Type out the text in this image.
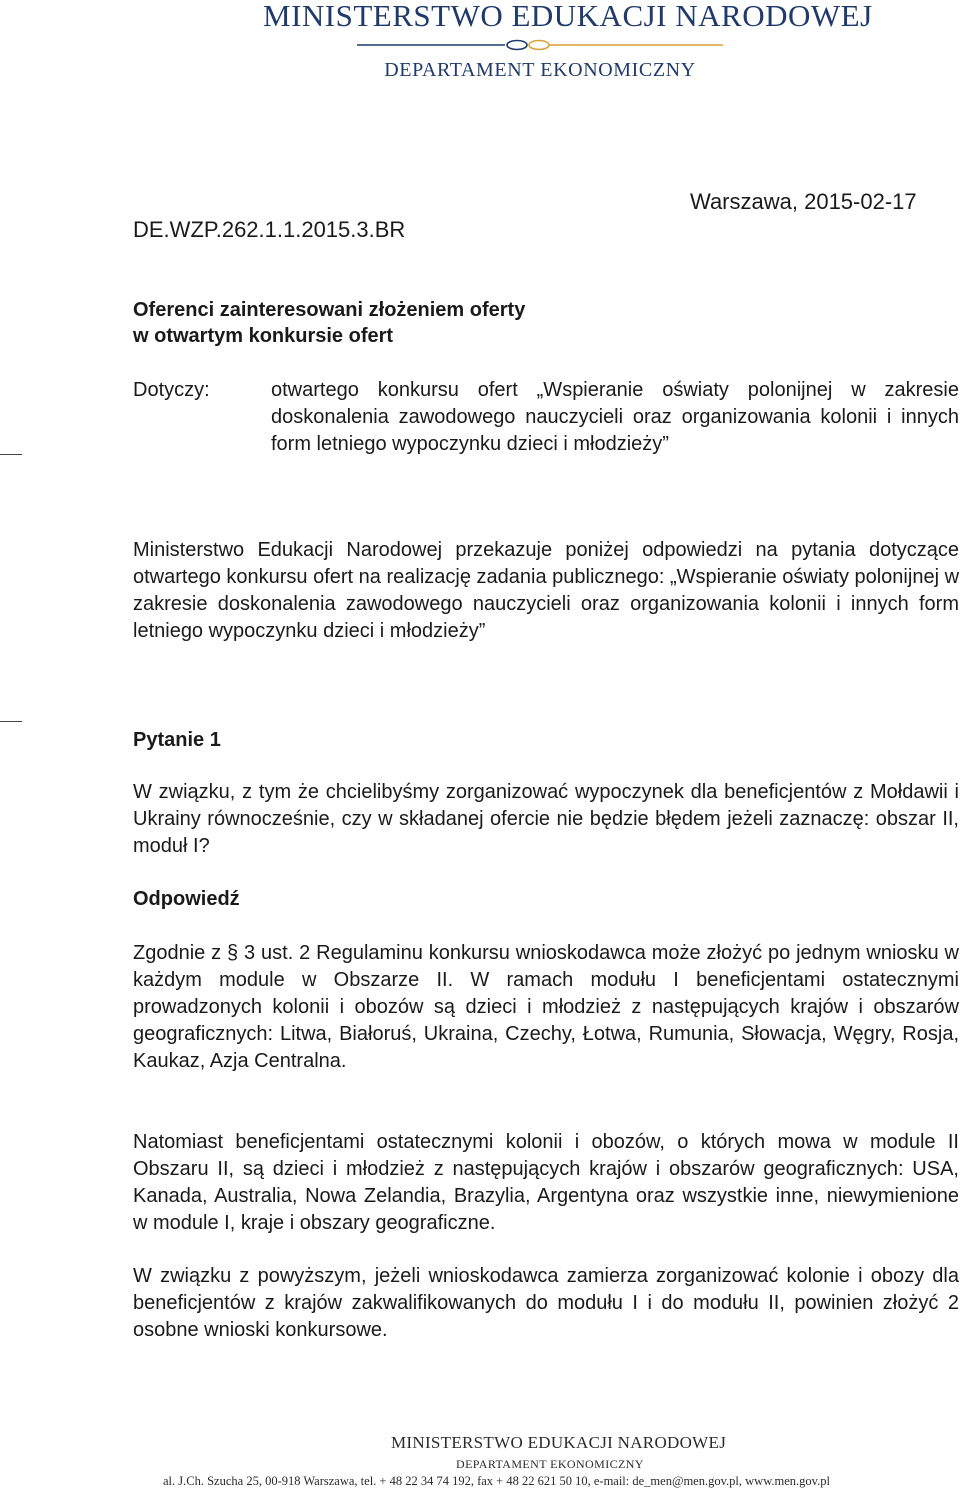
MINISTERSTWO EDUKACJI NARODOWEJ
DEPARTAMENT EKONOMICZNY
DE.WZP.262.1.1.2015.3.BR
Warszawa, 2015-02-17
Oferenci zainteresowani złożeniem oferty
w otwartym konkursie ofert
Dotyczy:	otwartego konkursu ofert „Wspieranie oświaty polonijnej w zakresie doskonalenia zawodowego nauczycieli oraz organizowania kolonii i innych form letniego wypoczynku dzieci i młodzieży”
Ministerstwo Edukacji Narodowej przekazuje poniżej odpowiedzi na pytania dotyczące otwartego konkursu ofert na realizację zadania publicznego: „Wspieranie oświaty polonijnej w zakresie doskonalenia zawodowego nauczycieli oraz organizowania kolonii i innych form letniego wypoczynku dzieci i młodzieży”
Pytanie 1
W związku, z tym że chcielibyśmy zorganizować wypoczynek dla beneficjentów z Mołdawii i Ukrainy równocześnie, czy w składanej ofercie nie będzie błędem jeżeli zaznaczę: obszar II, moduł I?
Odpowiedź
Zgodnie z § 3 ust. 2 Regulaminu konkursu wnioskodawca może złożyć po jednym wniosku w każdym module w Obszarze II. W ramach modułu I beneficjentami ostatecznymi prowadzonych kolonii i obozów są dzieci i młodzież z następujących krajów i obszarów geograficznych: Litwa, Białoruś, Ukraina, Czechy, Łotwa, Rumunia, Słowacja, Węgry, Rosja, Kaukaz, Azja Centralna.
Natomiast beneficjentami ostatecznymi kolonii i obozów, o których mowa w module II Obszaru II, są dzieci i młodzież z następujących krajów i obszarów geograficznych: USA, Kanada, Australia, Nowa Zelandia, Brazylia, Argentyna oraz wszystkie inne, niewymienione w module I, kraje i obszary geograficzne.
W związku z powyższym, jeżeli wnioskodawca zamierza zorganizować kolonie i obozy dla beneficjentów z krajów zakwalifikowanych do modułu I i do modułu II, powinien złożyć 2 osobne wnioski konkursowe.
MINISTERSTWO EDUKACJI NARODOWEJ
DEPARTAMENT EKONOMICZNY
al. J.Ch. Szucha 25, 00-918 Warszawa, tel. + 48 22 34 74 192, fax + 48 22 621 50 10, e-mail: de_men@men.gov.pl, www.men.gov.pl
